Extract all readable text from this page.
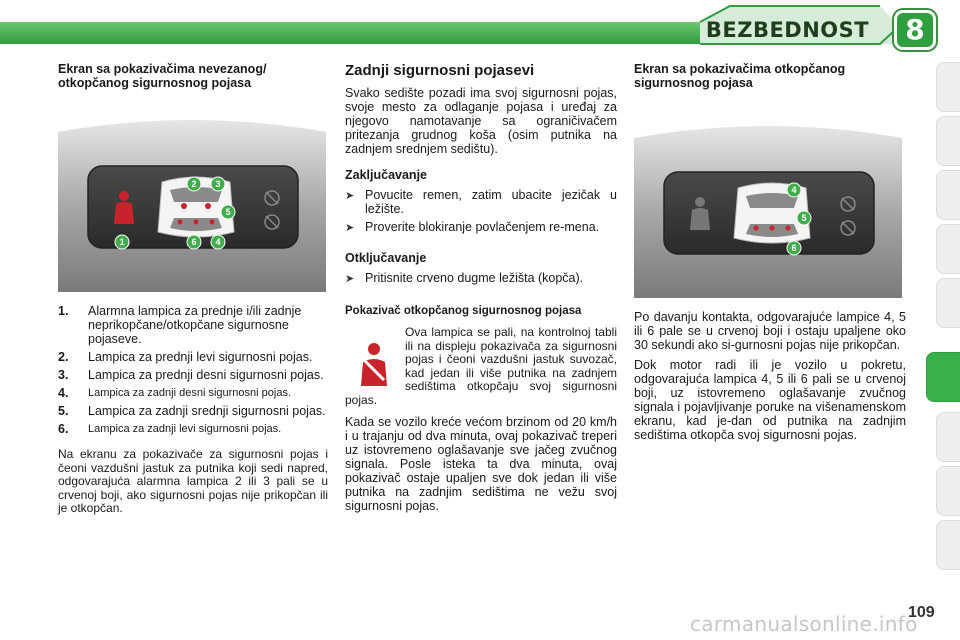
BEZBEDNOST	8
Ekran sa pokazivačima nevezanog/ otkopčanog sigurnosnog pojasa
2 3
5
1	6 4
1.	Alarmna lampica za prednje i/ili zadnje neprikopčane/otkopčane sigurnosne pojaseve.
2.	Lampica za prednji levi sigurnosni pojas.
3.	Lampica za prednji desni sigurnosni pojas.
4.	Lampica za zadnji desni sigurnosni pojas.
5.	Lampica za zadnji srednji sigurnosni pojas.
6.	Lampica za zadnji levi sigurnosni pojas.

Na ekranu za pokazivače za sigurnosni pojas i čeoni vazdušni jastuk za putnika koji sedi napred, odgovarajuća alarmna lampica 2 ili 3 pali se u crvenoj boji, ako sigurnosni pojas nije prikopčan ili je otkopčan.

Zadnji sigurnosni pojasevi

Svako sedište pozadi ima svoj sigurnosni pojas, svoje mesto za odlaganje pojasa i uređaj za njegovo namotavanje sa ograničivačem pritezanja grudnog koša (osim putnika na zadnjem srednjem sedištu).

Zaključavanje
➤ Povucite remen, zatim ubacite jezičak u ležište.
➤ Proverite blokiranje povlačenjem re-mena.
Otključavanje
➤ Pritisnite crveno dugme ležišta (kopča).
Pokazivač otkopčanog sigurnosnog pojasa

Ova lampica se pali, na kontrolnoj tabli ili na displeju pokazivača za sigurnosni pojas i čeoni vazdušni jastuk suvozač, kad jedan ili više putnika na zadnjem sedištima otkopčaju svoj sigurnosni pojas.

Kada se vozilo kreće većom brzinom od 20 km/h i u trajanju od dva minuta, ovaj pokazivač treperi uz istovremeno oglašavanje sve jačeg zvučnog signala. Posle isteka ta dva minuta, ovaj pokazivač ostaje upaljen sve dok jedan ili više putnika na zadnjim sedištima ne vežu svoj sigurnosni pojas.

Ekran sa pokazivačima otkopčanog sigurnosnog pojasa
4
5
6

Po davanju kontakta, odgovarajuće lampice 4, 5 ili 6 pale se u crvenoj boji i ostaju upaljene oko 30 sekundi ako si-gurnosni pojas nije prikopčan.

Dok motor radi ili je vozilo u pokretu, odgovarajuća lampica 4, 5 ili 6 pali se u crvenoj boji, uz istovremeno oglašavanje zvučnog signala i pojavljivanje poruke na višenamenskom ekranu, kad je-dan od putnika na zadnjim sedištima otkopča svoj sigurnosni pojas.

carmanualsonline.info
109
